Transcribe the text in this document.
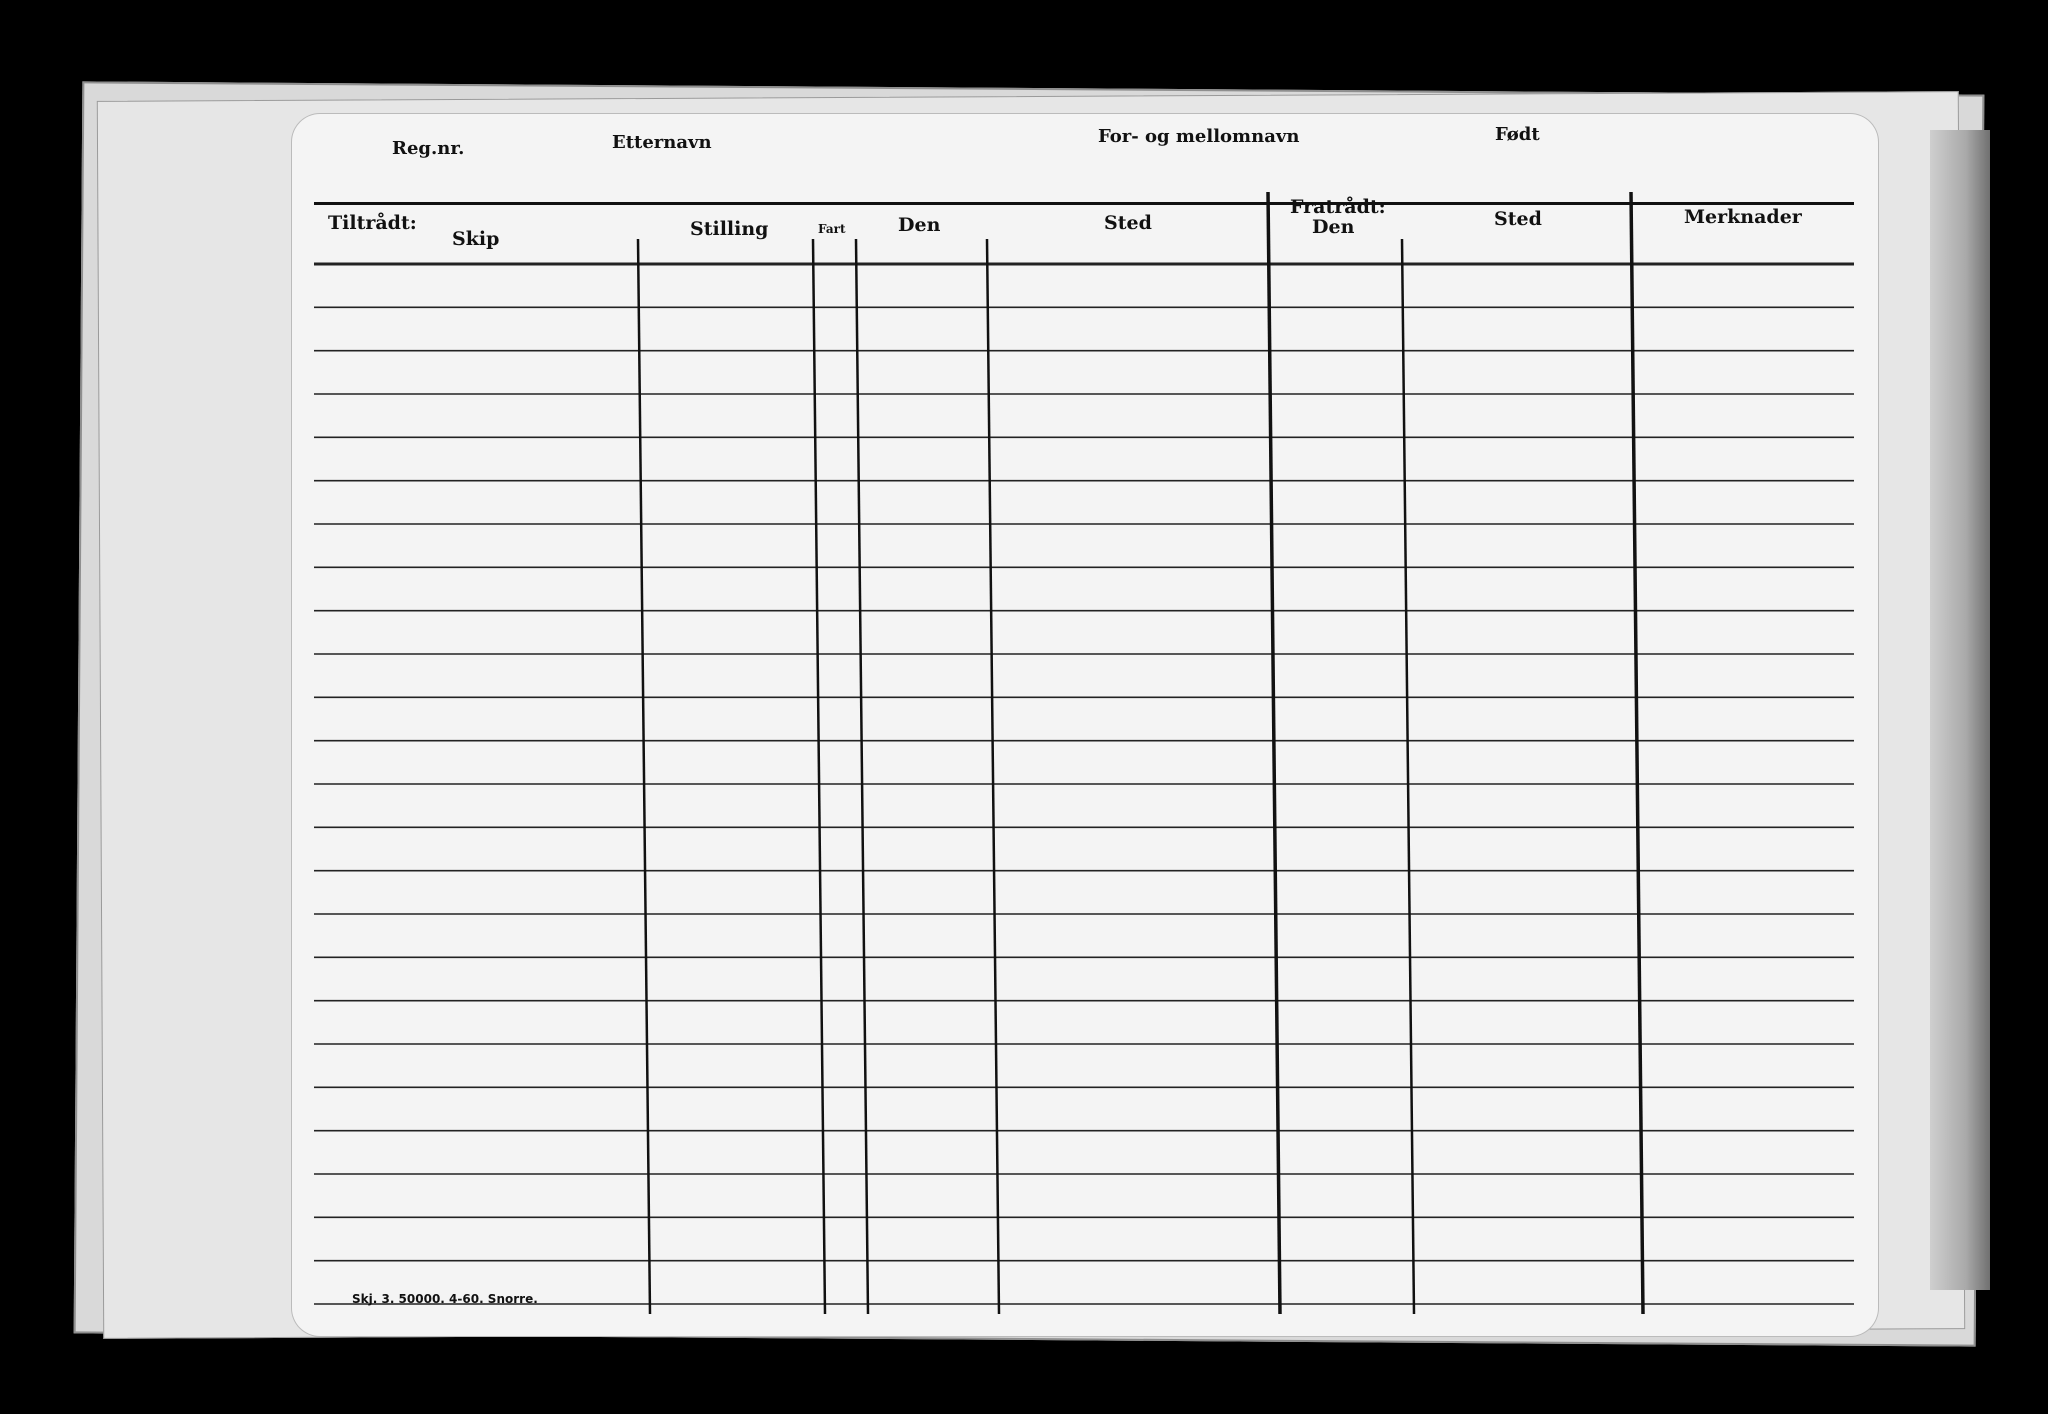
Reg.nr.	Etternavn	For- og mellomnavn	Født
Tiltrådt:
Skip	Stilling	Fart	Den	Sted
Fratrådt:
Den	Sted	Merknader
Skj. 3. 50000. 4-60. Snorre.
